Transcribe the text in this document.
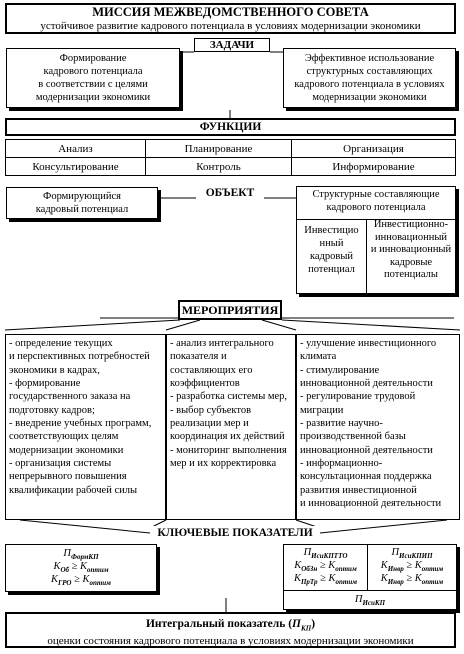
МИССИЯ МЕЖВЕДОМСТВЕННОГО СОВЕТА
устойчивое развитие кадрового потенциала в условиях модернизации экономики
ЗАДАЧИ
Формирование
кадрового потенциала
в соответствии с целями
модернизации экономики
Эффективное использование
структурных составляющих
кадрового потенциала в условиях
модернизации экономики
ФУНКЦИИ
Анализ	Планирование	Организация
Консультирование	Контроль	Информирование
ОБЪЕКТ
Формирующийся
кадровый потенциал
Структурные составляющие
кадрового потенциала
Инвестицио
нный
кадровый
потенциал
Инвестиционно-
инновационный
и инновационный
кадровые
потенциалы
МЕРОПРИЯТИЯ
- определение текущих
и перспективных потребностей
экономики в кадрах,
- формирование
государственного заказа на
подготовку кадров;
- внедрение учебных программ,
соответствующих целям
модернизации экономики
- организация системы
непрерывного повышения
квалификации рабочей силы
- анализ интегрального
показателя и
составляющих его
коэффициентов
- разработка системы мер,
- выбор субъектов
реализации мер и
координация их действий
- мониторинг выполнения
мер и их корректировка
- улучшение инвестиционного
климата
- стимулирование
инновационной деятельности
- регулирование трудовой
миграции
- развитие научно-
производственной базы
инновационной деятельности
- информационно-
консультационная поддержка
развития инвестиционной
и инновационной деятельности
КЛЮЧЕВЫЕ ПОКАЗАТЕЛИ
$П_{ФормКП}$
$К_{Об} \ge К_{оптим}$
$К_{ГРО} \ge К_{оптим}$
$П_{ИсиКПТТО}$
$К_{ОбЗн} \ge К_{оптим}$
$К_{ПрТр} \ge К_{оптим}$
$П_{ИсиКПИП}$
$К_{Инвр} \ge К_{оптим}$
$К_{Инвр} \ge К_{оптим}$
$П_{ИсиКП}$
Интегральный показатель $(П_{КП})$
оценки состояния кадрового потенциала в условиях модернизации экономики
